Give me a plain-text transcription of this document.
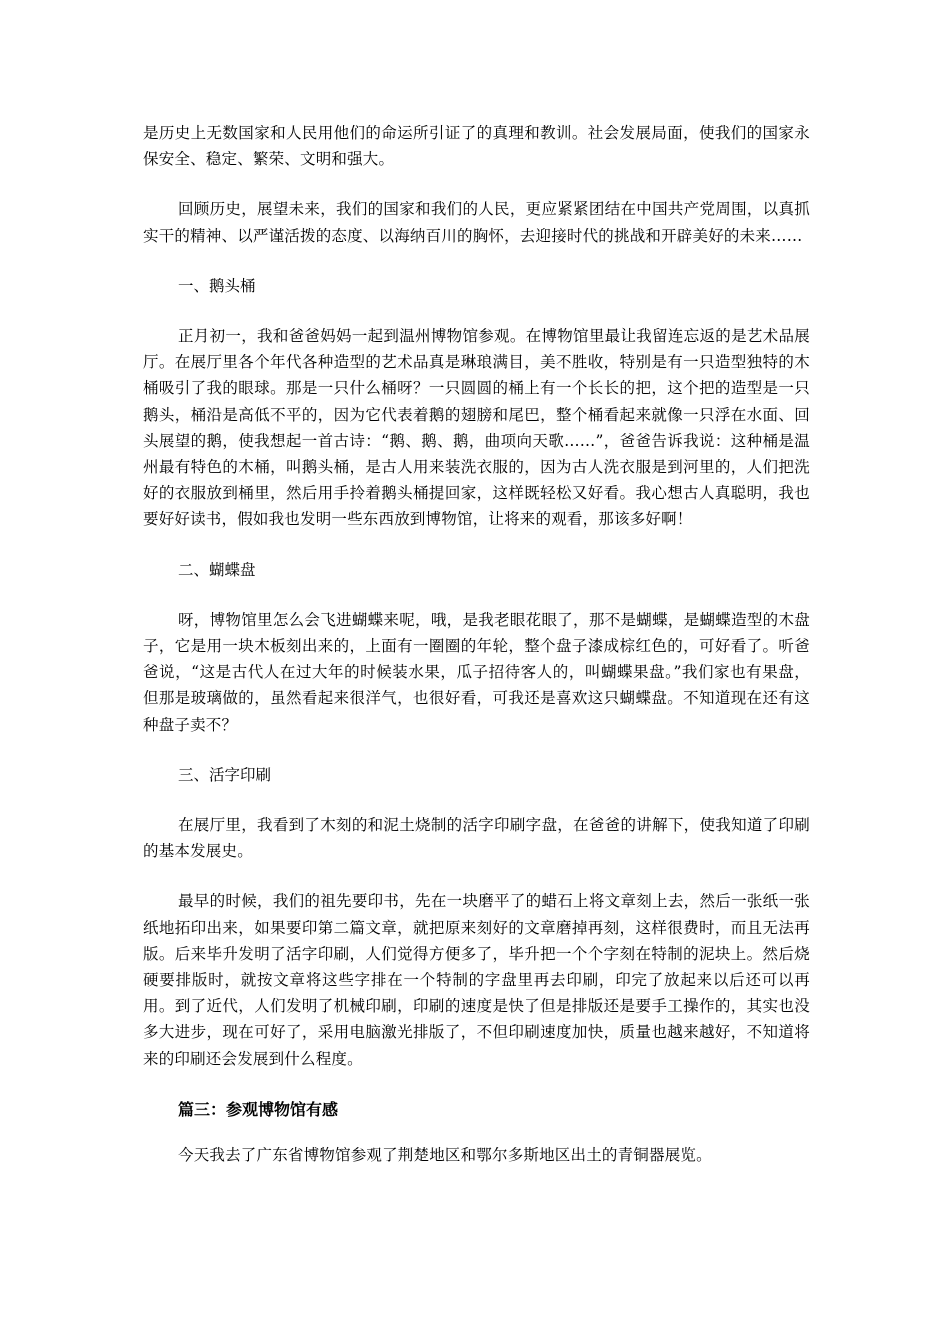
是历史上无数国家和人民用他们的命运所引证了的真理和教训。社会发展局面，使我们的国家永保安全、稳定、繁荣、文明和强大。

回顾历史，展望未来，我们的国家和我们的人民，更应紧紧团结在中国共产党周围，以真抓实干的精神、以严谨活拨的态度、以海纳百川的胸怀，去迎接时代的挑战和开辟美好的未来……

一、鹅头桶

正月初一，我和爸爸妈妈一起到温州博物馆参观。在博物馆里最让我留连忘返的是艺术品展厅。在展厅里各个年代各种造型的艺术品真是琳琅满目，美不胜收，特别是有一只造型独特的木桶吸引了我的眼球。那是一只什么桶呀？一只圆圆的桶上有一个长长的把，这个把的造型是一只鹅头，桶沿是高低不平的，因为它代表着鹅的翅膀和尾巴，整个桶看起来就像一只浮在水面、回头展望的鹅，使我想起一首古诗：“鹅、鹅、鹅，曲项向天歌……”，爸爸告诉我说：这种桶是温州最有特色的木桶，叫鹅头桶，是古人用来装洗衣服的，因为古人洗衣服是到河里的，人们把洗好的衣服放到桶里，然后用手拎着鹅头桶提回家，这样既轻松又好看。我心想古人真聪明，我也要好好读书，假如我也发明一些东西放到博物馆，让将来的观看，那该多好啊！

二、蝴蝶盘

呀，博物馆里怎么会飞进蝴蝶来呢，哦，是我老眼花眼了，那不是蝴蝶，是蝴蝶造型的木盘子，它是用一块木板刻出来的，上面有一圈圈的年轮，整个盘子漆成棕红色的，可好看了。听爸爸说，“这是古代人在过大年的时候装水果，瓜子招待客人的，叫蝴蝶果盘。”我们家也有果盘，但那是玻璃做的，虽然看起来很洋气，也很好看，可我还是喜欢这只蝴蝶盘。不知道现在还有这种盘子卖不？

三、活字印刷

在展厅里，我看到了木刻的和泥土烧制的活字印刷字盘，在爸爸的讲解下，使我知道了印刷的基本发展史。

最早的时候，我们的祖先要印书，先在一块磨平了的蜡石上将文章刻上去，然后一张纸一张纸地拓印出来，如果要印第二篇文章，就把原来刻好的文章磨掉再刻，这样很费时，而且无法再版。后来毕升发明了活字印刷，人们觉得方便多了，毕升把一个个字刻在特制的泥块上。然后烧硬要排版时，就按文章将这些字排在一个特制的字盘里再去印刷，印完了放起来以后还可以再用。到了近代，人们发明了机械印刷，印刷的速度是快了但是排版还是要手工操作的，其实也没多大进步，现在可好了，采用电脑激光排版了，不但印刷速度加快，质量也越来越好，不知道将来的印刷还会发展到什么程度。

篇三：参观博物馆有感

今天我去了广东省博物馆参观了荆楚地区和鄂尔多斯地区出土的青铜器展览。
